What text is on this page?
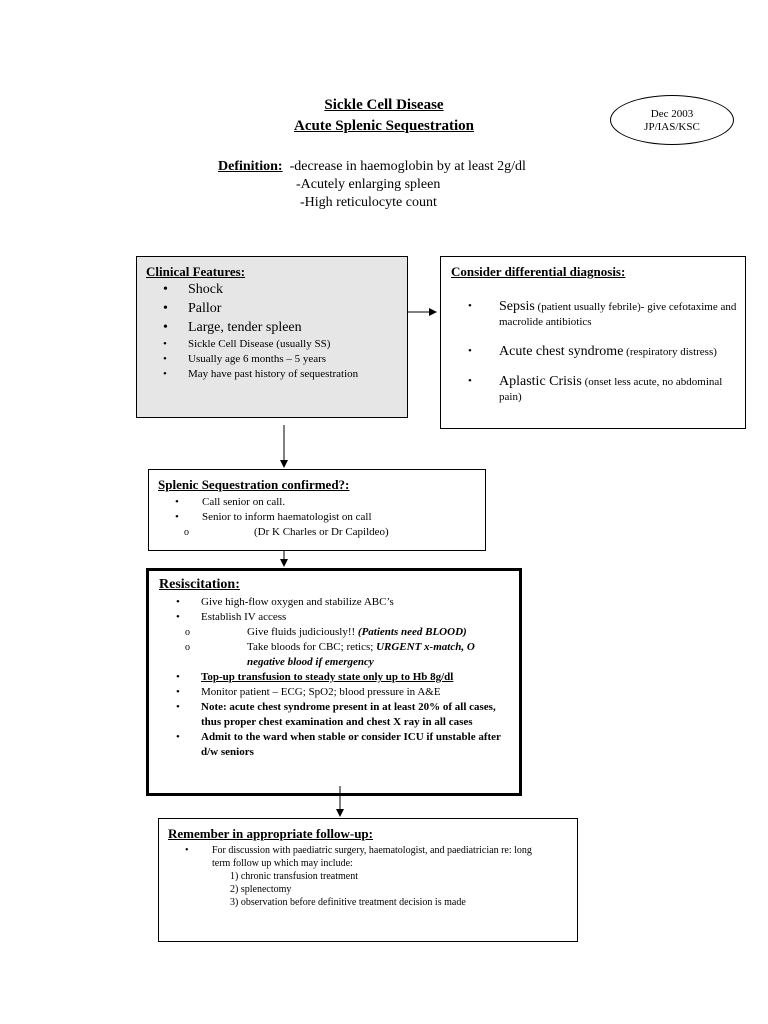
Sickle Cell Disease
Acute Splenic Sequestration
Dec 2003
JP/IAS/KSC
Definition: -decrease in haemoglobin by at least 2g/dl
-Acutely enlarging spleen
-High reticulocyte count
Clinical Features:
• Shock
• Pallor
• Large, tender spleen
• Sickle Cell Disease (usually SS)
• Usually age 6 months – 5 years
• May have past history of sequestration
Consider differential diagnosis:
• Sepsis (patient usually febrile)- give cefotaxime and macrolide antibiotics
• Acute chest syndrome (respiratory distress)
• Aplastic Crisis (onset less acute, no abdominal pain)
Splenic Sequestration confirmed?:
• Call senior on call.
• Senior to inform haematologist on call
o (Dr K Charles or Dr Capildeo)
Resiscitation:
• Give high-flow oxygen and stabilize ABC’s
• Establish IV access
o Give fluids judiciously!! (Patients need BLOOD)
o Take bloods for CBC; retics; URGENT x-match, O negative blood if emergency
• Top-up transfusion to steady state only up to Hb 8g/dl
• Monitor patient – ECG; SpO2; blood pressure in A&E
• Note: acute chest syndrome present in at least 20% of all cases, thus proper chest examination and chest X ray in all cases
• Admit to the ward when stable or consider ICU if unstable after d/w seniors
Remember in appropriate follow-up:
• For discussion with paediatric surgery, haematologist, and paediatrician re: long term follow up which may include:
1) chronic transfusion treatment
2) splenectomy
3) observation before definitive treatment decision is made
